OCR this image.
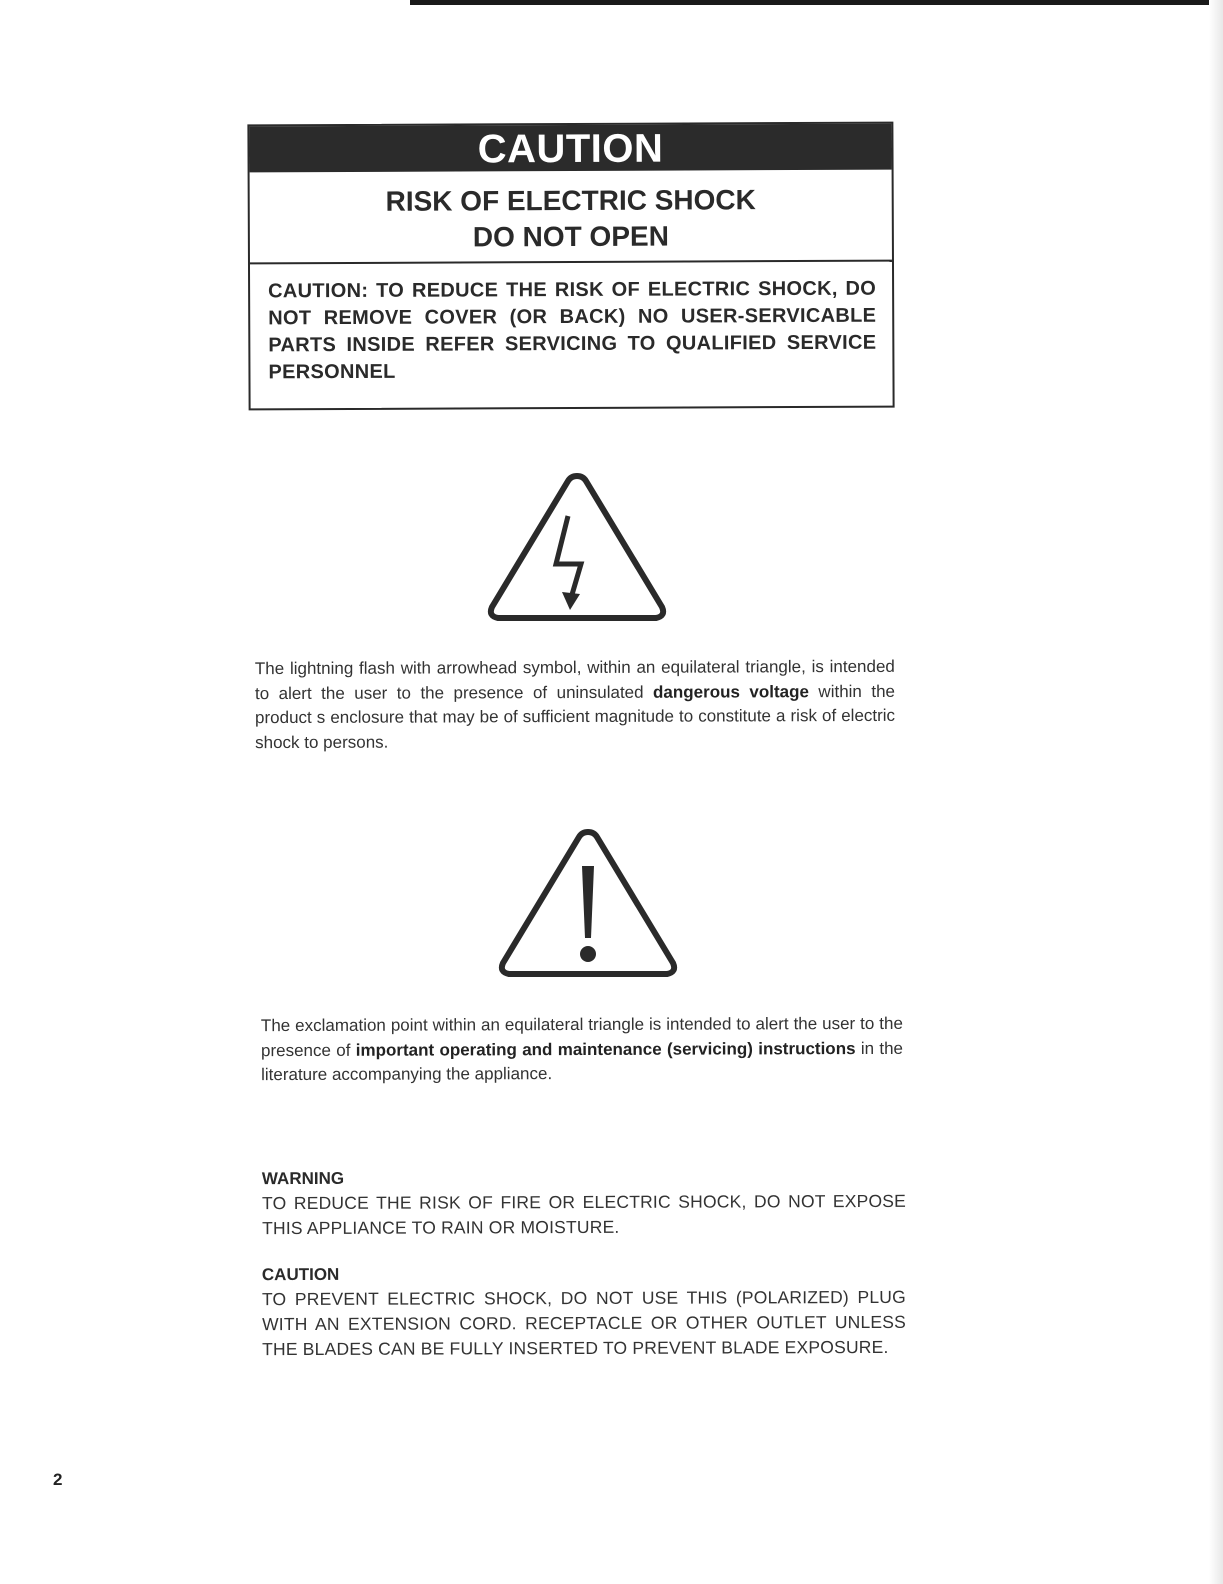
CAUTION
RISK OF ELECTRIC SHOCK
DO NOT OPEN
CAUTION: TO REDUCE THE RISK OF ELECTRIC SHOCK, DO NOT REMOVE COVER (OR BACK) NO USER-SERVICABLE PARTS INSIDE REFER SERVICING TO QUALIFIED SERVICE PERSONNEL
The lightning flash with arrowhead symbol, within an equilateral triangle, is intended to alert the user to the presence of uninsulated dangerous voltage within the product s enclosure that may be of sufficient magnitude to constitute a risk of electric shock to persons.
The exclamation point within an equilateral triangle is intended to alert the user to the presence of important operating and maintenance (servicing) instructions in the literature accompanying the appliance.
WARNING
TO REDUCE THE RISK OF FIRE OR ELECTRIC SHOCK, DO NOT EXPOSE THIS APPLIANCE TO RAIN OR MOISTURE.
CAUTION
TO PREVENT ELECTRIC SHOCK, DO NOT USE THIS (POLARIZED) PLUG WITH AN EXTENSION CORD. RECEPTACLE OR OTHER OUTLET UNLESS THE BLADES CAN BE FULLY INSERTED TO PREVENT BLADE EXPOSURE.
2
